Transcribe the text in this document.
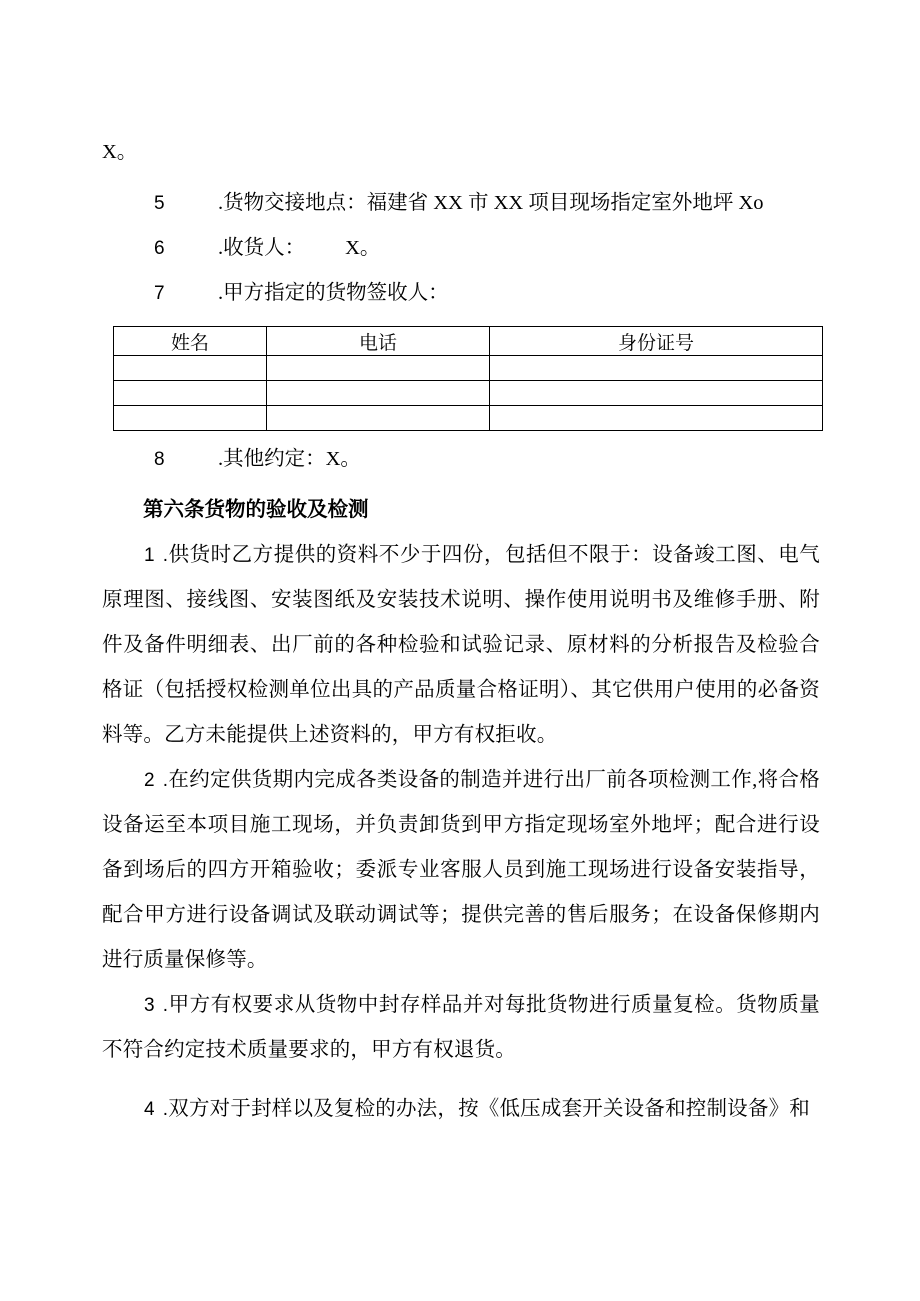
X。

5	.货物交接地点：福建省 XX 市 XX 项目现场指定室外地坪 Xo

6	.收货人： X。

7	.甲方指定的货物签收人：

姓名	电话	身份证号

8	.其他约定：X。

第六条货物的验收及检测

1 .供货时乙方提供的资料不少于四份，包括但不限于：设备竣工图、电气原理图、接线图、安装图纸及安装技术说明、操作使用说明书及维修手册、附件及备件明细表、出厂前的各种检验和试验记录、原材料的分析报告及检验合格证（包括授权检测单位出具的产品质量合格证明）、其它供用户使用的必备资料等。乙方未能提供上述资料的，甲方有权拒收。

2 .在约定供货期内完成各类设备的制造并进行出厂前各项检测工作,将合格设备运至本项目施工现场，并负责卸货到甲方指定现场室外地坪；配合进行设备到场后的四方开箱验收；委派专业客服人员到施工现场进行设备安装指导，配合甲方进行设备调试及联动调试等；提供完善的售后服务；在设备保修期内进行质量保修等。

3 .甲方有权要求从货物中封存样品并对每批货物进行质量复检。货物质量不符合约定技术质量要求的，甲方有权退货。

4 .双方对于封样以及复检的办法，按《低压成套开关设备和控制设备》和
